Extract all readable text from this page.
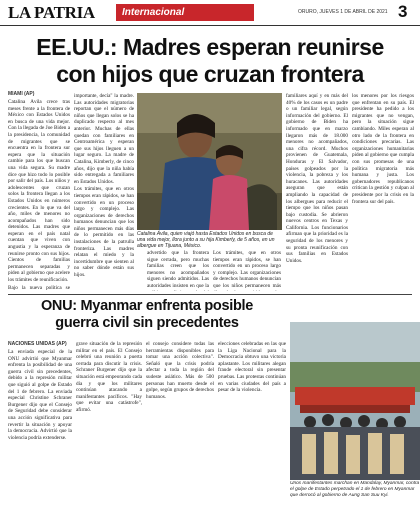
LA PATRIA	Internacional	ORURO, JUEVES 1 DE ABRIL DE 2021 3
EE.UU.: Madres esperan reunirse
con hijos que cruzan frontera
MIAMI (AP)

Catalina Ávila crece tras meses frente a la frontera de México con Estados Unidos en busca de una vida mejor. Con la llegada de Joe Biden a la presidencia, la comunidad de migrantes que se encuentra en la frontera sur espera que la situación cambie para los que buscan una vida segura. Su madre dice que hizo todo lo posible por salir del país. Los niños y adolescentes que cruzan solos la frontera llegan a los Estados Unidos en números crecientes. En lo que va del año, miles de menores no acompañados han sido detenidos. Las madres que esperan en el país natal cuentan que viven con angustia y la esperanza de reunirse pronto con sus hijos. Cientos de familias permanecen separadas y piden al gobierno que acelere los trámites de reunificación.

Bajo la nueva política se

importante, decía" la madre. Las autoridades migratorias reportan que el número de niños que llegan solos se ha duplicado respecto al mes anterior. Muchas de ellas quedan con familiares en Centroamérica y esperan que sus hijos lleguen a un lugar seguro. La madre de Catalina, Kimberly, de cinco años, dijo que la niña había sido entregada a familiares en Estados Unidos.

Los trámites, que en otros tiempos eran rápidos, se han convertido en un proceso largo y complejo. Las organizaciones de derechos humanos denuncian que los niños permanecen más días de lo permitido en las instalaciones de la patrulla fronteriza. Las madres relatan el miedo y la incertidumbre que sienten al no saber dónde están sus hijos.

Catalina Ávila, quien viajó hasta Estados Unidos en busca de una vida mejor, llora junto a su hija Kimberly, de 5 años, en un albergue en Tijuana, México.

advertido que la frontera sigue cerrada, pero muchas familias creen que los menores no acompañados siguen siendo admitidos. Las autoridades insisten en que la

familiares aquí y en más del 40% de los casos es un padre o un familiar legal, según información del gobierno. El gobierno de Biden ha informado que en marzo llegaron más de 18.000 menores no acompañados, una cifra récord. Muchos provienen de Guatemala, Honduras y El Salvador, países golpeados por la violencia, la pobreza y los huracanes. Las autoridades aseguran que están ampliando la capacidad de los albergues para reducir el tiempo que los niños pasan bajo custodia. Se abrieron nuevos centros en Texas y California. Los funcionarios afirman que la prioridad es la seguridad de los menores y su pronta reunificación con sus familias en Estados Unidos.

los menores por los riesgos que enfrentan en su país. El presidente ha pedido a los migrantes que no vengan, pero la situación sigue cambiando. Miles esperan al otro lado de la frontera en condiciones precarias. Las organizaciones humanitarias piden al gobierno que cumpla con sus promesas de una política migratoria más humana y justa. Los gobernadores republicanos critican la gestión y culpan al presidente por la crisis en la frontera sur del país.

Los trámites, que en otros tiempos eran rápidos, se han convertido en un proceso largo y complejo. Las organizaciones de derechos humanos denuncian que los niños permanecen más

ONU: Myanmar enfrenta posible
guerra civil sin precedentes
NACIONES UNIDAS (AP)

La enviada especial de la ONU advirtió que Myanmar enfrenta la posibilidad de una guerra civil sin precedentes, debido a la represión militar que siguió al golpe de Estado del 1 de febrero. La enviada especial Christine Schraner Burgener dijo que el Consejo de Seguridad debe considerar una acción significativa para revertir la situación y apoyar la democracia. Advirtió que la violencia podría extenderse.

grave situación de la represión militar en el país. El Consejo celebró una reunión a puerta cerrada para discutir la crisis. Schraner Burgener dijo que la situación está empeorando cada día y que los militares continúan atacando a manifestantes pacíficos. "Hay que evitar una catástrofe", afirmó.

el consejo considere todas las herramientas disponibles para tomar una acción colectiva". Señaló que la crisis podría afectar a toda la región del sudeste asiático. Más de 500 personas han muerto desde el golpe, según grupos de derechos humanos.

elecciones celebradas en las que la Liga Nacional para la Democracia obtuvo una victoria aplastante. Los militares alegan fraude electoral sin presentar pruebas. Las protestas continúan en varias ciudades del país a pesar de la violencia.

Unos manifestantes marchan en Mandalay, Myanmar, contra el golpe de Estado perpetrado el 1 de febrero en Myanmar que derrocó al gobierno de Aung San Suu Kyi.
